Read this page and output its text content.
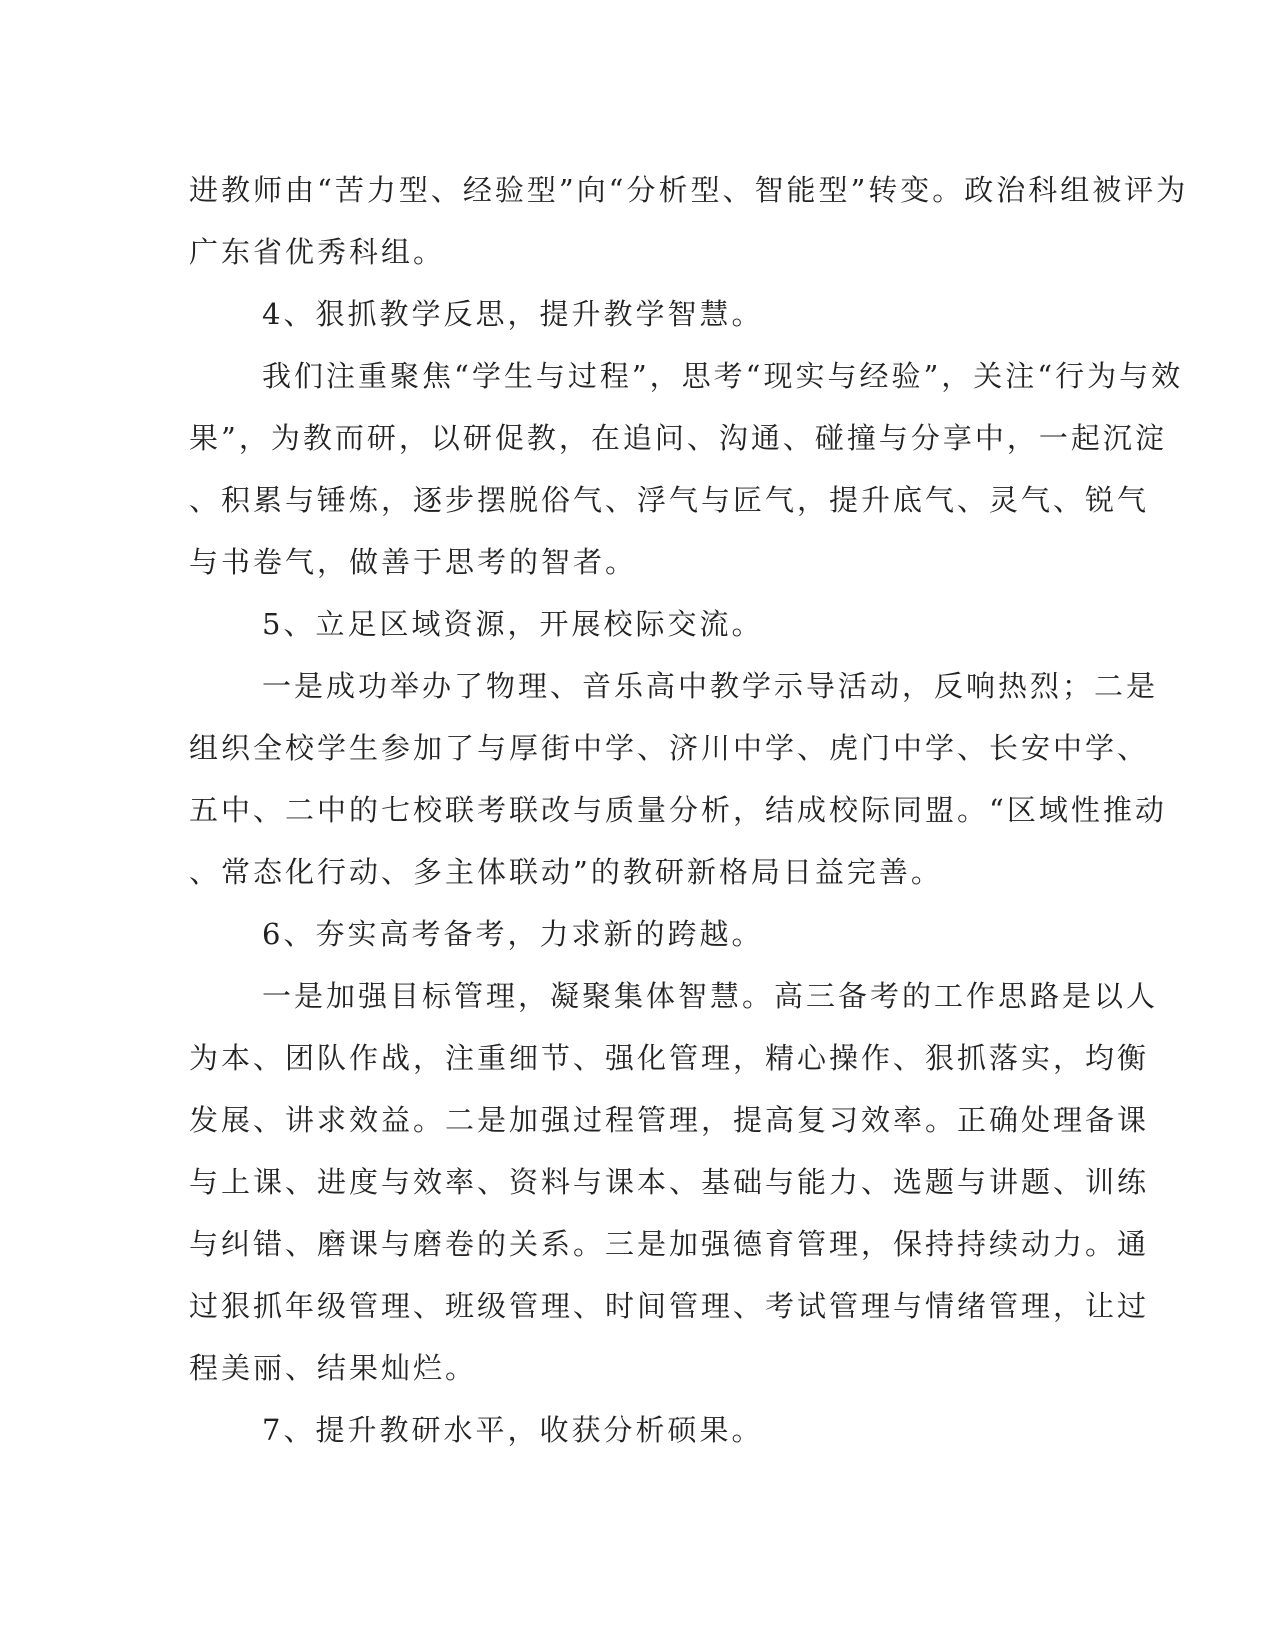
进教师由“苦力型、经验型”向“分析型、智能型”转变。政治科组被评为
广东省优秀科组。
4、狠抓教学反思，提升教学智慧。
我们注重聚焦“学生与过程”，思考“现实与经验”，关注“行为与效
果”，为教而研，以研促教，在追问、沟通、碰撞与分享中，一起沉淀
、积累与锤炼，逐步摆脱俗气、浮气与匠气，提升底气、灵气、锐气
与书卷气，做善于思考的智者。
5、立足区域资源，开展校际交流。
一是成功举办了物理、音乐高中教学示导活动，反响热烈；二是
组织全校学生参加了与厚街中学、济川中学、虎门中学、长安中学、
五中、二中的七校联考联改与质量分析，结成校际同盟。“区域性推动
、常态化行动、多主体联动”的教研新格局日益完善。
6、夯实高考备考，力求新的跨越。
一是加强目标管理，凝聚集体智慧。高三备考的工作思路是以人
为本、团队作战，注重细节、强化管理，精心操作、狠抓落实，均衡
发展、讲求效益。二是加强过程管理，提高复习效率。正确处理备课
与上课、进度与效率、资料与课本、基础与能力、选题与讲题、训练
与纠错、磨课与磨卷的关系。三是加强德育管理，保持持续动力。通
过狠抓年级管理、班级管理、时间管理、考试管理与情绪管理，让过
程美丽、结果灿烂。
7、提升教研水平，收获分析硕果。
